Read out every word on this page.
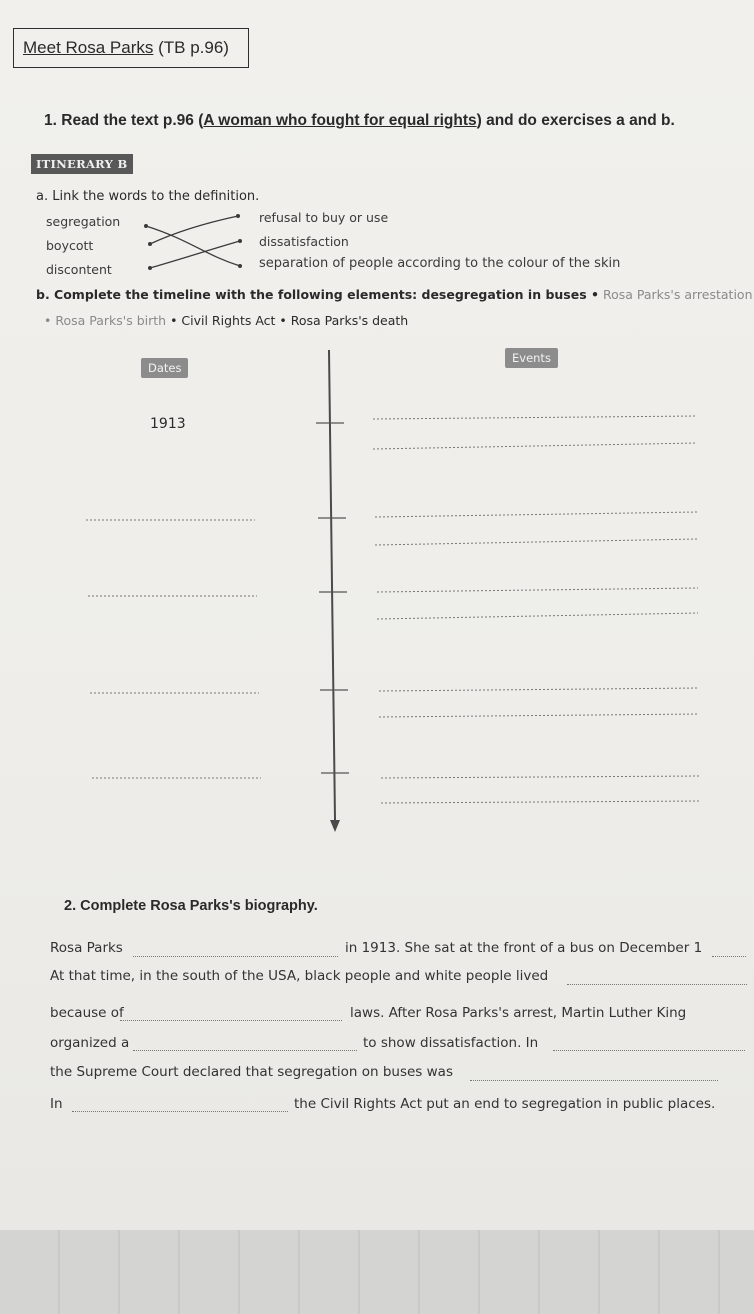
Meet Rosa Parks (TB p.96)
1. Read the text p.96 (A woman who fought for equal rights) and do exercises a and b.
ITINERARY B
a. Link the words to the definition.
segregation
boycott
discontent
refusal to buy or use
dissatisfaction
separation of people according to the colour of the skin
b. Complete the timeline with the following elements: desegregation in buses • Rosa Parks's arrestation
• Rosa Parks's birth • Civil Rights Act • Rosa Parks's death
Dates
Events
1913
2. Complete Rosa Parks's biography.
Rosa Parks	in 1913. She sat at the front of a bus on December 1
At that time, in the south of the USA, black people and white people lived
because of	laws. After Rosa Parks's arrest, Martin Luther King
organized a	to show dissatisfaction. In
the Supreme Court declared that segregation on buses was
In	the Civil Rights Act put an end to segregation in public places.
